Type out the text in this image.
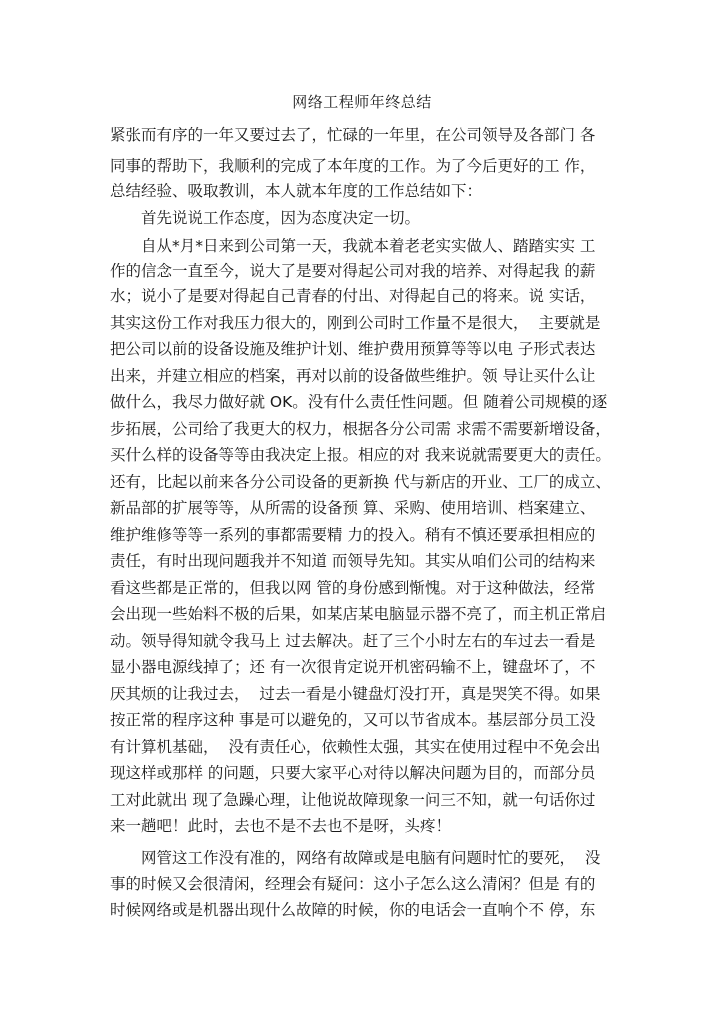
网络工程师年终总结
紧张而有序的一年又要过去了，忙碌的一年里，在公司领导及各部门 各
同事的帮助下，我顺利的完成了本年度的工作。为了今后更好的工 作，
总结经验、吸取教训，本人就本年度的工作总结如下：
　　首先说说工作态度，因为态度决定一切。
　　自从*月*日来到公司第一天，我就本着老老实实做人、踏踏实实 工
作的信念一直至今，说大了是要对得起公司对我的培养、对得起我 的薪
水；说小了是要对得起自己青春的付出、对得起自己的将来。说 实话，
其实这份工作对我压力很大的，刚到公司时工作量不是很大，  主要就是
把公司以前的设备设施及维护计划、维护费用预算等等以电 子形式表达
出来，并建立相应的档案，再对以前的设备做些维护。领 导让买什么让
做什么，我尽力做好就 OK。没有什么责任性问题。但 随着公司规模的逐
步拓展，公司给了我更大的权力，根据各分公司需 求需不需要新增设备，
买什么样的设备等等由我决定上报。相应的对 我来说就需要更大的责任。
还有，比起以前来各分公司设备的更新换 代与新店的开业、工厂的成立、
新品部的扩展等等，从所需的设备预 算、采购、使用培训、档案建立、
维护维修等等一系列的事都需要精 力的投入。稍有不慎还要承担相应的
责任，有时出现问题我并不知道 而领导先知。其实从咱们公司的结构来
看这些都是正常的，但我以网 管的身份感到惭愧。对于这种做法，经常
会出现一些始料不极的后果，如某店某电脑显示器不亮了，而主机正常启
动。领导得知就令我马上 过去解决。赶了三个小时左右的车过去一看是
显小器电源线掉了；还 有一次很肯定说开机密码输不上，键盘坏了，不
厌其烦的让我过去，  过去一看是小键盘灯没打开，真是哭笑不得。如果
按正常的程序这种 事是可以避免的，又可以节省成本。基层部分员工没
有计算机基础，  没有责任心，依赖性太强，其实在使用过程中不免会出
现这样或那样 的问题，只要大家平心对待以解决问题为目的，而部分员
工对此就出 现了急躁心理，让他说故障现象一问三不知，就一句话你过
来一趟吧！此时，去也不是不去也不是呀，头疼！
　　网管这工作没有准的，网络有故障或是电脑有问题时忙的要死，  没
事的时候又会很清闲，经理会有疑问：这小子怎么这么清闲？但是 有的
时候网络或是机器出现什么故障的时候，你的电话会一直响个不 停，东
